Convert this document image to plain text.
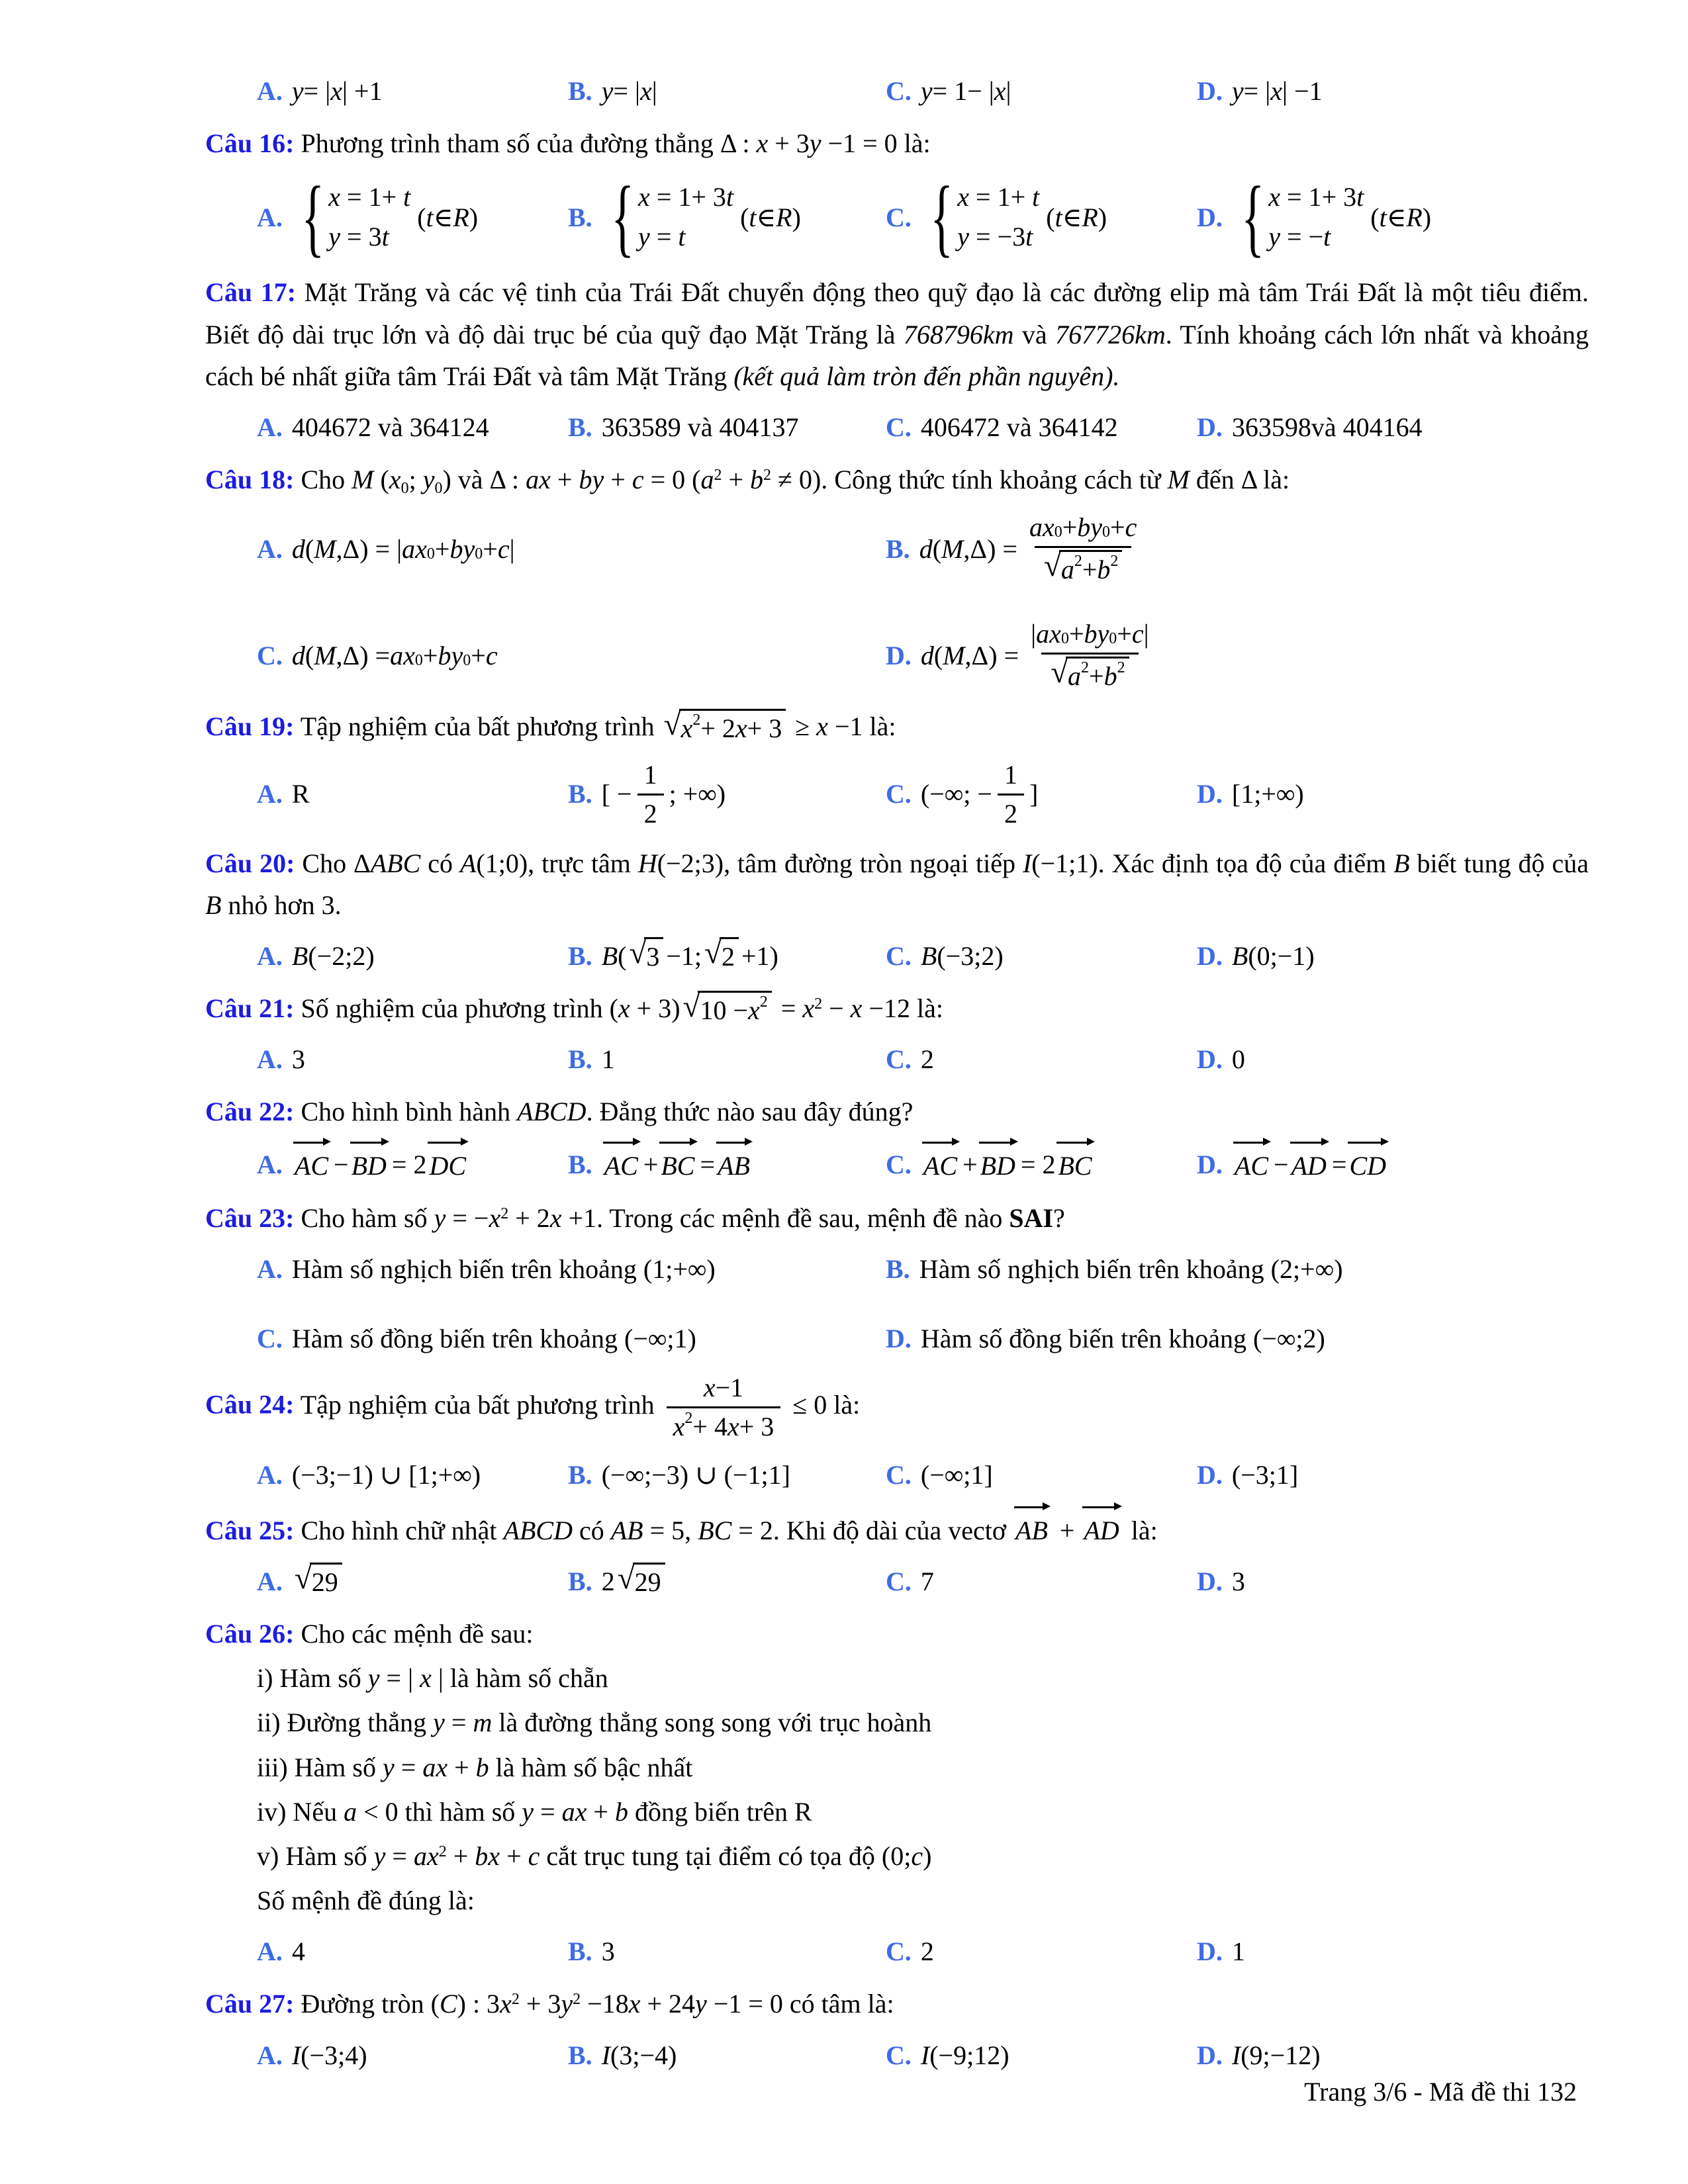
A. y = | x | +1	B. y = | x |	C. y = 1− | x |	D. y = | x | −1

Câu 16: Phương trình tham số của đường thẳng Δ : x + 3y −1 = 0 là:

A. { x = 1+ t
y = 3t
( t ∈ R )	B. { x = 1+ 3t
y = t
( t ∈ R )	C. { x = 1+ t
y = −3t
( t ∈ R )	D. { x = 1+ 3t
y = −t
( t ∈ R )

Câu 17: Mặt Trăng và các vệ tinh của Trái Đất chuyển động theo quỹ đạo là các đường elip mà tâm Trái Đất là một tiêu điểm. Biết độ dài trục lớn và độ dài trục bé của quỹ đạo Mặt Trăng là 768796km và 767726km. Tính khoảng cách lớn nhất và khoảng cách bé nhất giữa tâm Trái Đất và tâm Mặt Trăng (kết quả làm tròn đến phần nguyên).

A. 404672 và 364124	B. 363589 và 404137	C. 406472 và 364142	D. 363598và 404164

Câu 18: Cho M (x0; y0) và Δ : ax + by + c = 0 $(a^2 + b^2 \ne 0)$. Công thức tính khoảng cách từ M đến Δ là:

A. d ( M ,Δ) = | ax 0 + by 0 + c |	B. d ( M $,\Delta) = \frac{ax 0 + by 0 + c}{√ a 2 + b 2}$
C. d ( M ,Δ) = ax 0 + by 0 + c	D. d ( M $,\Delta) = \frac{| ax 0 + by 0 + c |}{√ a 2 + b 2}$

Câu 19: Tập nghiệm của bất phương trình √ x 2 + 2 x + 3 ≥ x −1 là:

A. R	B. [ − $\frac{1}{2}$ ; +∞)	C. (−∞; − $\frac{1}{2}$ ]	D. [1;+∞)

Câu 20: Cho ΔABC có A(1;0), trực tâm H(−2;3), tâm đường tròn ngoại tiếp I(−1;1). Xác định tọa độ của điểm B biết tung độ của B nhỏ hơn 3.

A. B (−2;2)	B. B ( √ 3 −1; √ 2 +1)	C. B (−3;2)	D. B (0;−1)

Câu 21: Số nghiệm của phương trình (x + 3) √ 10 − x $2 = x^2 - x -12$ là:

A. 3	B. 1	C. 2	D. 0

Câu 22: Cho hình bình hành ABCD. Đẳng thức nào sau đây đúng?

A. AC − BD = 2 DC	B. AC + BC = AB	C. AC + BD = 2 BC	D. AC − AD = CD

Câu 23: Cho hàm số $y = -x^2 + 2x +1$. Trong các mệnh đề sau, mệnh đề nào SAI?

A. Hàm số nghịch biến trên khoảng (1;+∞)	B. Hàm số nghịch biến trên khoảng (2;+∞)
C. Hàm số đồng biến trên khoảng (−∞;1)	D. Hàm số đồng biến trên khoảng (−∞;2)

Câu 24: Tập nghiệm của bất phương trình $\frac{x -1}{x 2 + 4 x + 3} \le 0$ là:

A. (−3;−1) ∪ [1;+∞)	B. (−∞;−3) ∪ (−1;1]	C. (−∞;1]	D. (−3;1]

Câu 25: Cho hình chữ nhật ABCD có AB = 5, BC = 2. Khi độ dài của vectơ AB + AD là:

A. √ 29	B. 2 √ 29	C. 7	D. 3

Câu 26: Cho các mệnh đề sau:

i) Hàm số y = | x | là hàm số chẵn

ii) Đường thẳng y = m là đường thẳng song song với trục hoành

iii) Hàm số y = ax + b là hàm số bậc nhất

iv) Nếu a < 0 thì hàm số y = ax + b đồng biến trên R

v) Hàm số $y = ax^2$ + bx + c cắt trục tung tại điểm có tọa độ (0;c)

Số mệnh đề đúng là:

A. 4	B. 3	C. 2	D. 1

Câu 27: Đường tròn (C) : $3x^2 + 3y^2 -18x + 24y -1 = 0$ có tâm là:

A. I (−3;4)	B. I (3;−4)	C. I (−9;12)	D. I (9;−12)
Trang 3/6 - Mã đề thi 132
